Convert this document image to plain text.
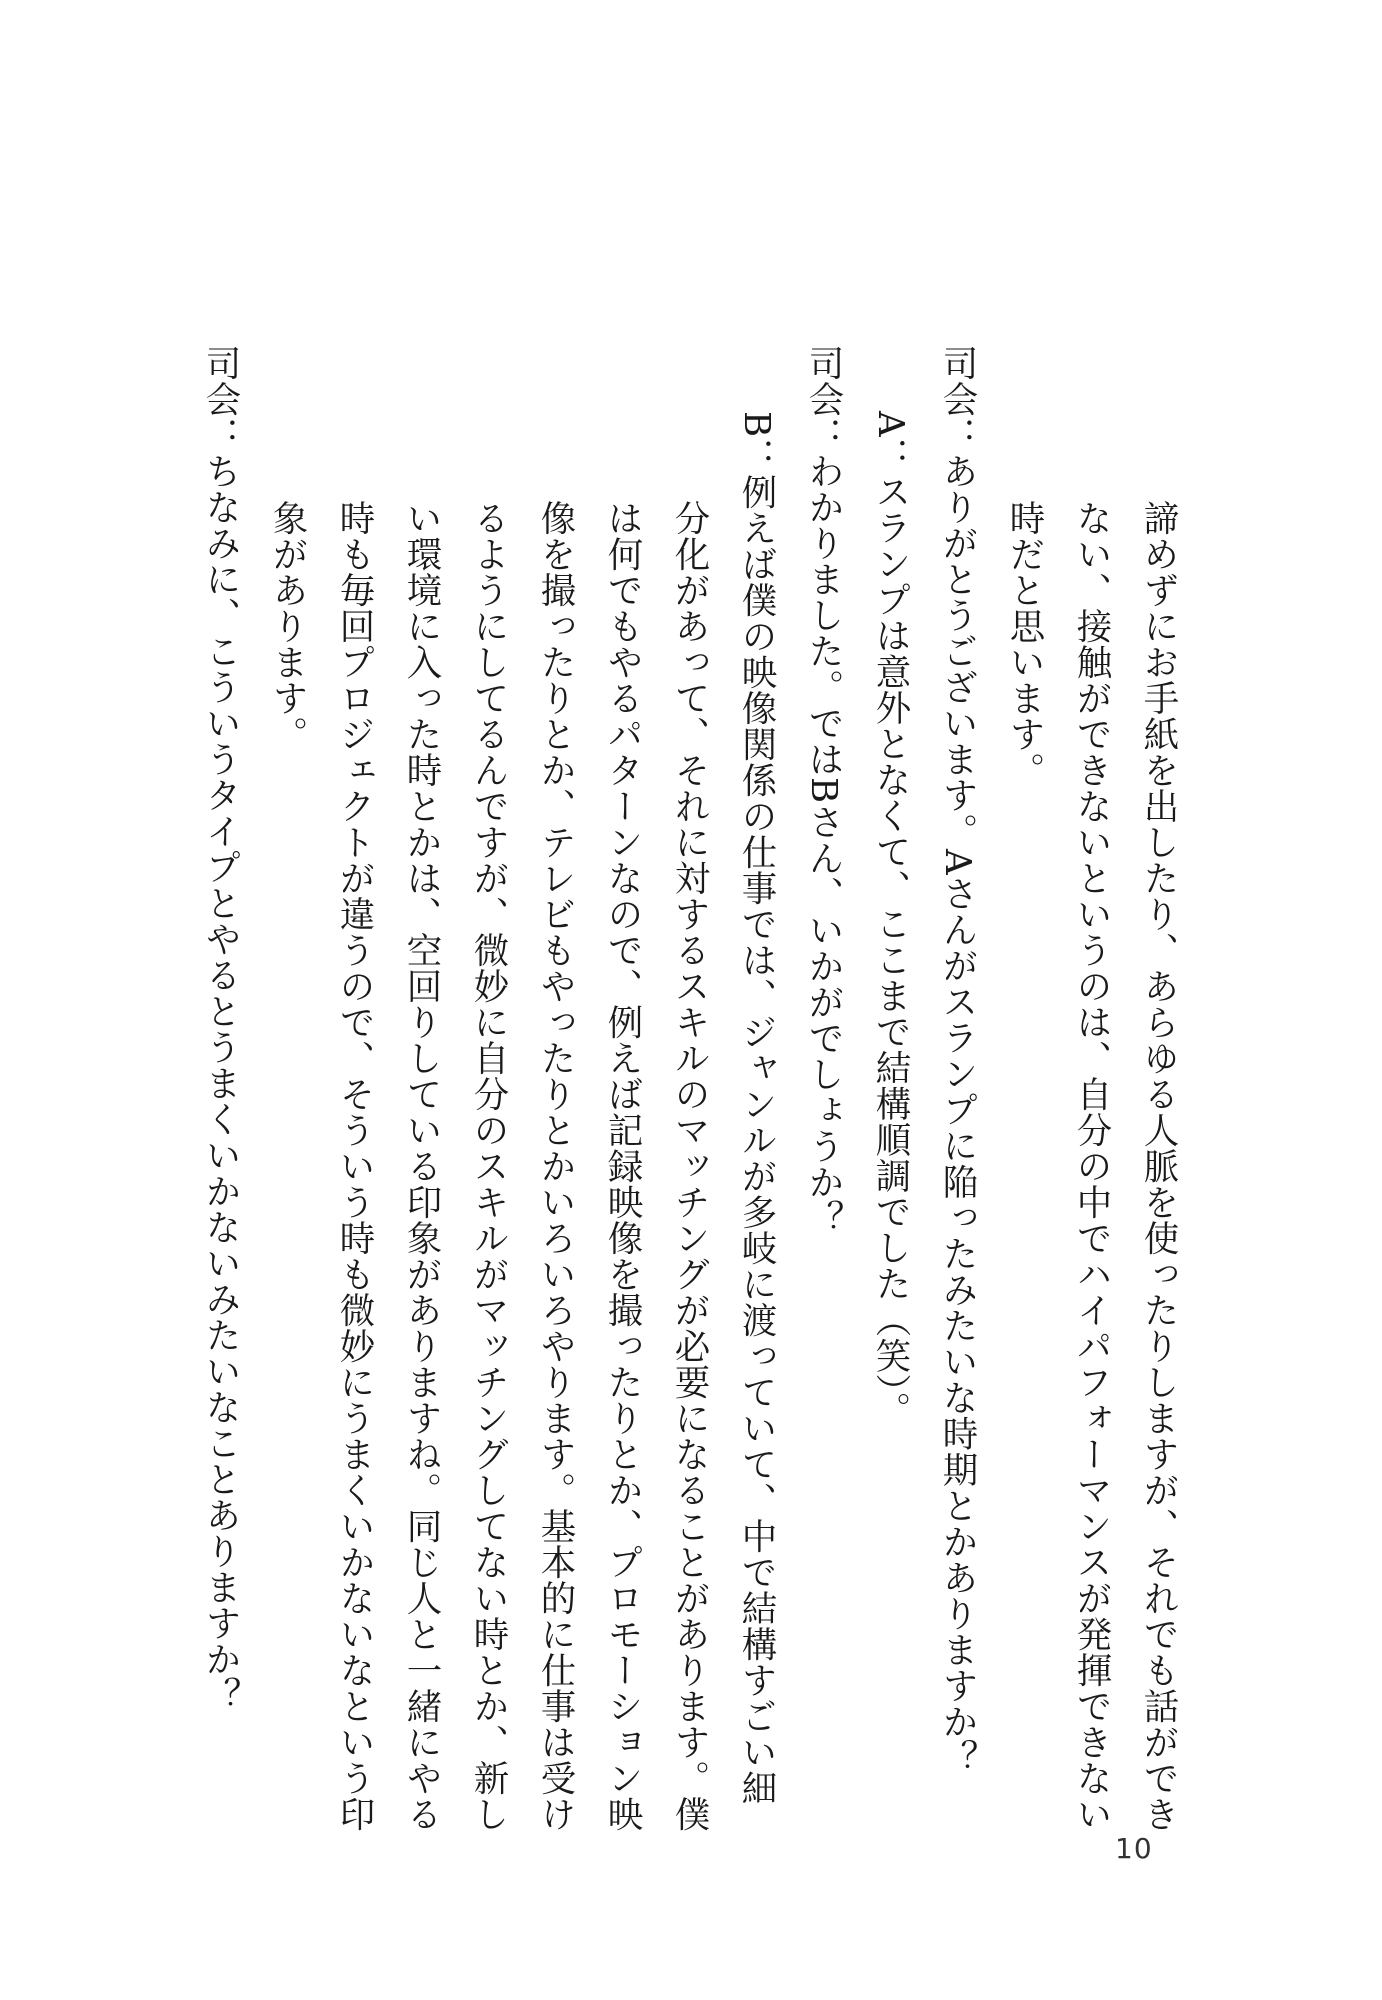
諦めずにお手紙を出したり、あらゆる人脈を使ったりしますが、それでも話ができ
ない、接触ができないというのは、自分の中でハイパフォーマンスが発揮できない
時だと思います。
司会：ありがとうございます。Aさんがスランプに陥ったみたいな時期とかありますか？
A：スランプは意外となくて、ここまで結構順調でした（笑）。
司会：わかりました。ではBさん、いかがでしょうか？
B：例えば僕の映像関係の仕事では、ジャンルが多岐に渡っていて、中で結構すごい細
分化があって、それに対するスキルのマッチングが必要になることがあります。僕
は何でもやるパターンなので、例えば記録映像を撮ったりとか、プロモーション映
像を撮ったりとか、テレビもやったりとかいろいろやります。基本的に仕事は受け
るようにしてるんですが、微妙に自分のスキルがマッチングしてない時とか、新し
い環境に入った時とかは、空回りしている印象がありますね。同じ人と一緒にやる
時も毎回プロジェクトが違うので、そういう時も微妙にうまくいかないなという印
象があります。
司会：ちなみに、こういうタイプとやるとうまくいかないみたいなことありますか？
10
